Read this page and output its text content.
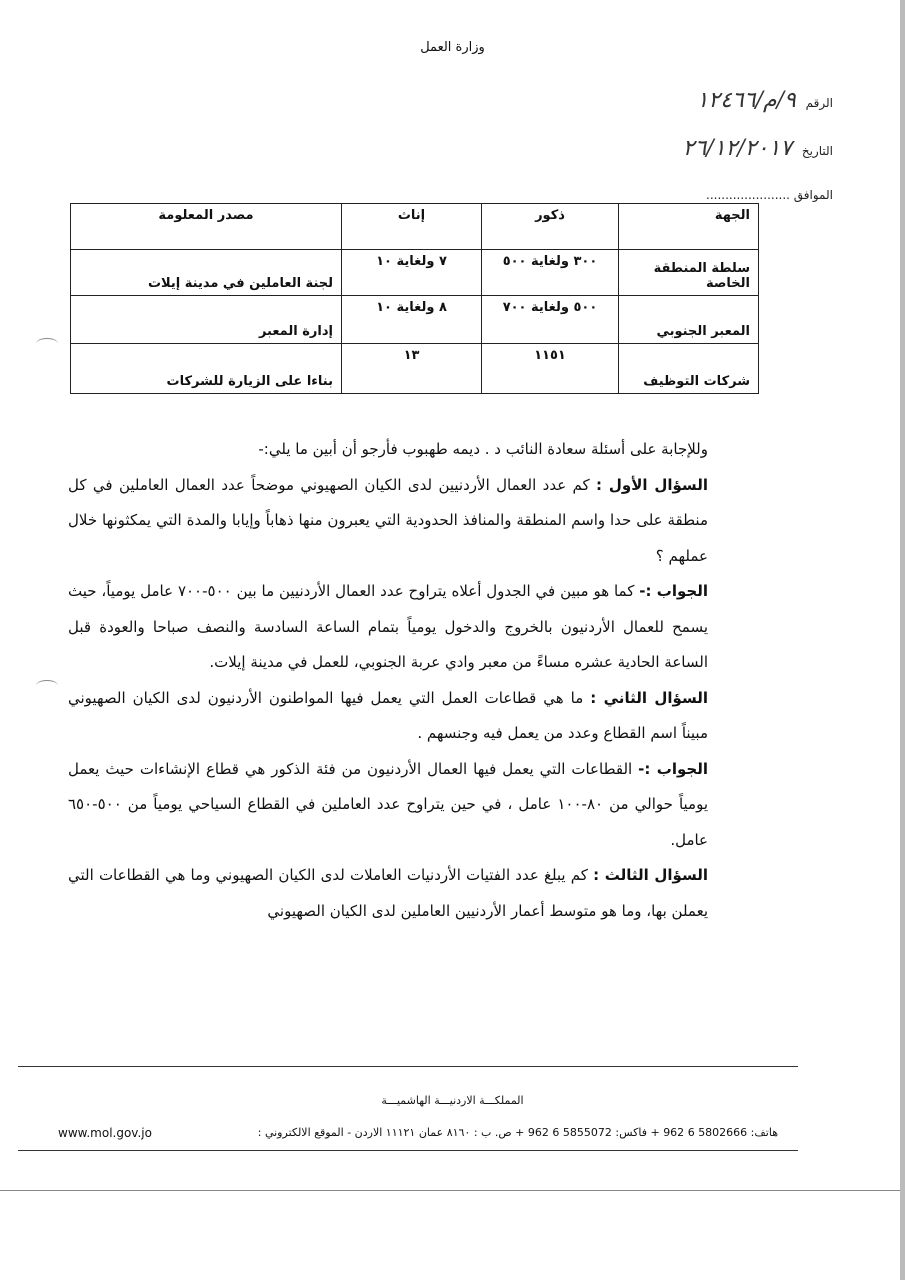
وزارة العمل
الرقم ٩/م/١٢٤٦٦
التاريخ ٢٦/١٢/٢٠١٧
الموافق ......................
الجهة	ذكور	إناث	مصدر المعلومة
سلطة المنطقة الخاصة	٣٠٠ ولغاية ٥٠٠	٧ ولغاية ١٠	لجنة العاملين في مدينة إيلات
المعبر الجنوبي	٥٠٠ ولغاية ٧٠٠	٨ ولغاية ١٠	إدارة المعبر
شركات التوظيف	١١٥١	١٣	بناءا على الزيارة للشركات

وللإجابة على أسئلة سعادة النائب د . ديمه طهبوب فأرجو أن أبين ما يلي:-

السؤال الأول : كم عدد العمال الأردنيين لدى الكيان الصهيوني موضحاً عدد العمال العاملين في كل منطقة على حدا واسم المنطقة والمنافذ الحدودية التي يعبرون منها ذهاباً وإيابا والمدة التي يمكثونها خلال عملهم ؟

الجواب :- كما هو مبين في الجدول أعلاه يتراوح عدد العمال الأردنيين ما بين ٥٠٠-٧٠٠ عامل يومياً، حيث يسمح للعمال الأردنيون بالخروج والدخول يومياً بتمام الساعة السادسة والنصف صباحا والعودة قبل الساعة الحادية عشره مساءً من معبر وادي عربة الجنوبي، للعمل في مدينة إيلات.

السؤال الثاني : ما هي قطاعات العمل التي يعمل فيها المواطنون الأردنيون لدى الكيان الصهيوني مبيناً اسم القطاع وعدد من يعمل فيه وجنسهم .

الجواب :- القطاعات التي يعمل فيها العمال الأردنيون من فئة الذكور هي قطاع الإنشاءات حيث يعمل يومياً حوالي من ٨٠-١٠٠ عامل ، في حين يتراوح عدد العاملين في القطاع السياحي يومياً من ٥٠٠-٦٥٠ عامل.

السؤال الثالث : كم يبلغ عدد الفتيات الأردنيات العاملات لدى الكيان الصهيوني وما هي القطاعات التي يعملن بها، وما هو متوسط أعمار الأردنيين العاملين لدى الكيان الصهيوني

المملكـــة الاردنيـــة الهاشميـــة
www.mol.gov.jo	هاتف: 5802666 6 962 + فاكس: 5855072 6 962 + ص. ب : ٨١٦٠ عمان ١١١٢١ الاردن - الموقع الالكتروني :
